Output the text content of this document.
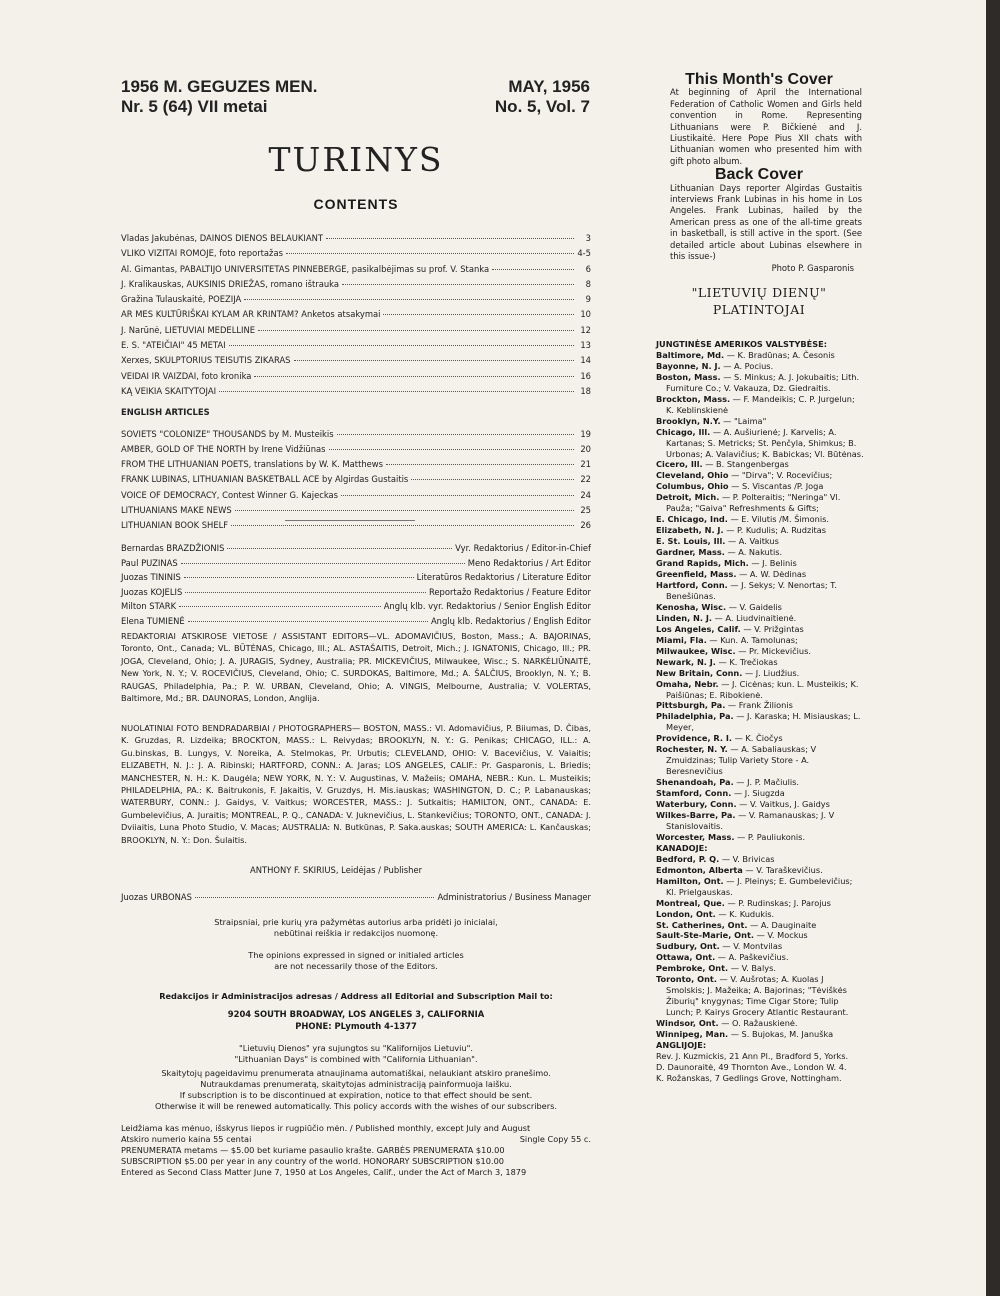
1956 M. GEGUZES MEN.
Nr. 5 (64) VII metai
MAY, 1956
No. 5, Vol. 7
TURINYS
CONTENTS
Vladas Jakubėnas, DAINOS DIENOS BELAUKIANT	3
VLIKO VIZITAI ROMOJE, foto reportažas	4-5
Al. Gimantas, PABALTIJO UNIVERSITETAS PINNEBERGE, pasikalbėjimas su prof. V. Stanka	6
J. Kralikauskas, AUKSINIS DRIEŽAS, romano ištrauka	8
Gražina Tulauskaitė, POEZIJA	9
AR MES KULTŪRIŠKAI KYLAM AR KRINTAM? Anketos atsakymai	10
J. Narūnė, LIETUVIAI MEDELLINE	12
E. S. "ATEIČIAI" 45 METAI	13
Xerxes, SKULPTORIUS TEISUTIS ZIKARAS	14
VEIDAI IR VAIZDAI, foto kronika	16
KĄ VEIKIA SKAITYTOJAI	18
ENGLISH ARTICLES
SOVIETS "COLONIZE" THOUSANDS by M. Musteikis	19
AMBER, GOLD OF THE NORTH by Irene Vidžiūnas	20
FROM THE LITHUANIAN POETS, translations by W. K. Matthews	21
FRANK LUBINAS, LITHUANIAN BASKETBALL ACE by Algirdas Gustaitis	22
VOICE OF DEMOCRACY, Contest Winner G. Kajeckas	24
LITHUANIANS MAKE NEWS	25
LITHUANIAN BOOK SHELF	26
Bernardas BRAZDŽIONIS	Vyr. Redaktorius / Editor-in-Chief
Paul PUZINAS	Meno Redaktorius / Art Editor
Juozas TININIS	Literatūros Redaktorius / Literature Editor
Juozas KOJELIS	Reportažo Redaktorius / Feature Editor
Milton STARK	Anglų klb. vyr. Redaktorius / Senior English Editor
Elena TUMIENĖ	Anglų klb. Redaktorius / English Editor
REDAKTORIAI ATSKIROSE VIETOSE / ASSISTANT EDITORS—VL. ADOMAVIČIUS, Boston, Mass.; A. BAJORINAS, Toronto, Ont., Canada; VL. BŪTĖNAS, Chicago, Ill.; AL. ASTAŠAITIS, Detroit, Mich.; J. IGNATONIS, Chicago, Ill.; PR. JOGA, Cleveland, Ohio; J. A. JURAGIS, Sydney, Australia; PR. MICKEVIČIUS, Milwaukee, Wisc.; S. NARKĖLIŪNAITĖ, New York, N. Y.; V. ROCEVIČIUS, Cleveland, Ohio; C. SURDOKAS, Baltimore, Md.; A. ŠALČIUS, Brooklyn, N. Y.; B. RAUGAS, Philadelphia, Pa.; P. W. URBAN, Cleveland, Ohio; A. VINGIS, Melbourne, Australia; V. VOLERTAS, Baltimore, Md.; BR. DAUNORAS, London, Anglija.
NUOLATINIAI FOTO BENDRADARBIAI / PHOTOGRAPHERS— BOSTON, MASS.: Vl. Adomavičius, P. Biiumas, D. Čibas, K. Gruzdas, R. Lizdeika; BROCKTON, MASS.: L. Reivydas; BROOKLYN, N. Y.: G. Penikas; CHICAGO, ILL.: A. Gu.binskas, B. Lungys, V. Noreika, A. Stelmokas, Pr. Urbutis; CLEVELAND, OHIO: V. Bacevičius, V. Vaiaitis; ELIZABETH, N. J.: J. A. Ribinski; HARTFORD, CONN.: A. Jaras; LOS ANGELES, CALIF.: Pr. Gasparonis, L. Briedis; MANCHESTER, N. H.: K. Daugėla; NEW YORK, N. Y.: V. Augustinas, V. Mažeiis; OMAHA, NEBR.: Kun. L. Musteikis; PHILADELPHIA, PA.: K. Baitrukonis, F. Jakaitis, V. Gruzdys, H. Mis.iauskas; WASHINGTON, D. C.; P. Labanauskas; WATERBURY, CONN.: J. Gaidys, V. Vaitkus; WORCESTER, MASS.: J. Sutkaitis; HAMILTON, ONT., CANADA: E. Gumbelevičius, A. Juraitis; MONTREAL, P. Q., CANADA: V. Juknevičius, L. Stankevičius; TORONTO, ONT., CANADA: J. Dviiaitis, Luna Photo Studio, V. Macas; AUSTRALIA: N. Butkūnas, P. Saka.auskas; SOUTH AMERICA: L. Kančauskas; BROOKLYN, N. Y.: Don. Šulaitis.
ANTHONY F. SKIRIUS, Leidėjas / Publisher
Juozas URBONAS	Administratorius / Business Manager
Straipsniai, prie kurių yra pažymėtas autorius arba pridėti jo inicialai,
nebūtinai reiškia ir redakcijos nuomonę.
The opinions expressed in signed or initialed articles
are not necessarily those of the Editors.
Redakcijos ir Administracijos adresas / Address all Editorial and Subscription Mail to:
9204 SOUTH BROADWAY, LOS ANGELES 3, CALIFORNIA
PHONE: PLymouth 4-1377
"Lietuvių Dienos" yra sujungtos su "Kalifornijos Lietuviu".
"Lithuanian Days" is combined with "California Lithuanian".
Skaitytojų pageidavimu prenumerata atnaujinama automatiškai, nelaukiant atskiro pranešimo.
Nutraukdamas prenumeratą, skaitytojas administraciją painformuoja laišku.
If subscription is to be discontinued at expiration, notice to that effect should be sent.
Otherwise it will be renewed automatically. This policy accords with the wishes of our subscribers.
Leidžiama kas mėnuo, išskyrus liepos ir rugpiūčio mėn. / Published monthly, except July and August
Atskiro numerio kaina 55 centai	Single Copy 55 c.
PRENUMERATA metams — $5.00 bet kuriame pasaulio krašte. GARBĖS PRENUMERATA $10.00
SUBSCRIPTION $5.00 per year in any country of the world. HONORARY SUBSCRIPTION $10.00
Entered as Second Class Matter June 7, 1950 at Los Angeles, Calif., under the Act of March 3, 1879
This Month's Cover
At beginning of April the International Federation of Catholic Women and Girls held convention in Rome. Representing Lithuanians were P. Bičkienė and J. Liustikaitė. Here Pope Pius XII chats with Lithuanian women who presented him with gift photo album.
Back Cover
Lithuanian Days reporter Algirdas Gustaitis interviews Frank Lubinas in his home in Los Angeles. Frank Lubinas, hailed by the American press as one of the all-time greats in basketball, is still active in the sport. (See detailed article about Lubinas elsewhere in this issue-)
Photo P. Gasparonis
"LIETUVIŲ DIENŲ"
PLATINTOJAI
JUNGTINĖSE AMERIKOS VALSTYBĖSE:
Baltimore, Md. — K. Bradūnas; A. Česonis
Bayonne, N. J. — A. Pocius.
Boston, Mass. — S. Minkus; A. J. Jokubaitis; Lith. Furniture Co.; V. Vakauza, Dz. Giedraitis.
Brockton, Mass. — F. Mandeikis; C. P. Jurgelun; K. Keblinskienė
Brooklyn, N.Y. — "Laima"
Chicago, Ill. — A. Aušiurienė; J. Karvelis; A. Kartanas; S. Metricks; St. Penčyla, Shimkus; B. Urbonas; A. Valavičius; K. Babickas; Vl. Būtėnas.
Cicero, Ill. — B. Stangenbergas
Cleveland, Ohio — "Dirva"; V. Rocevičius;
Columbus, Ohio — S. Viscantas /P. Joga
Detroit, Mich. — P. Polteraitis; "Neringa" Vl. Pauža; "Gaiva" Refreshments & Gifts;
E. Chicago, Ind. — E. Vilutis /M. Šimonis.
Elizabeth, N. J. — P. Kudulis; A. Rudzitas
E. St. Louis, Ill. — A. Vaitkus
Gardner, Mass. — A. Nakutis.
Grand Rapids, Mich. — J. Belinis
Greenfield, Mass. — A. W. Dėdinas
Hartford, Conn. — J. Sekys; V. Nenortas; T. Benešiūnas.
Kenosha, Wisc. — V. Gaidelis
Linden, N. J. — A. Liudvinaitienė.
Los Angeles, Calif. — V. Prižgintas
Miami, Fla. — Kun. A. Tamolunas;
Milwaukee, Wisc. — Pr. Mickevičius.
Newark, N. J. — K. Trečiokas
New Britain, Conn. — J. Liudžius.
Omaha, Nebr. — J. Cicėnas; kun. L. Musteikis; K. Paišiūnas; E. Ribokienė.
Pittsburgh, Pa. — Frank Žilionis
Philadelphia, Pa. — J. Karaska; H. Misiauskas; L. Meyer,
Providence, R. I. — K. Čiočys
Rochester, N. Y. — A. Sabaliauskas; V Zmuidzinas; Tulip Variety Store - A. Beresnevičius
Shenandoah, Pa. — J. P. Mačiulis.
Stamford, Conn. — J. Siugzda
Waterbury, Conn. — V. Vaitkus, J. Gaidys
Wilkes-Barre, Pa. — V. Ramanauskas; J. V Stanislovaitis.
Worcester, Mass. — P. Pauliukonis.
KANADOJE:
Bedford, P. Q. — V. Brivicas
Edmonton, Alberta — V. Taraškevičius.
Hamilton, Ont. — J. Pleinys; E. Gumbelevičius; Kl. Prielgauskas.
Montreal, Que. — P. Rudinskas; J. Parojus
London, Ont. — K. Kudukis.
St. Catherines, Ont. — A. Dauginaite
Sault-Ste-Marie, Ont. — V. Mockus
Sudbury, Ont. — V. Montvilas
Ottawa, Ont. — A. Paškevičius.
Pembroke, Ont. — V. Balys.
Toronto, Ont. — V. Aušrotas; A. Kuolas J Smolskis; J. Mažeika; A. Bajorinas; "Tėviškės Žiburių" knygynas; Time Cigar Store; Tulip Lunch; P. Kairys Grocery Atlantic Restaurant.
Windsor, Ont. — O. Ražauskienė.
Winnipeg, Man. — S. Bujokas, M. Januška
ANGLIJOJE:
Rev. J. Kuzmickis, 21 Ann Pl., Bradford 5, Yorks.
D. Daunoraitė, 49 Thornton Ave., London W. 4.
K. Rožanskas, 7 Gedlings Grove, Nottingham.
